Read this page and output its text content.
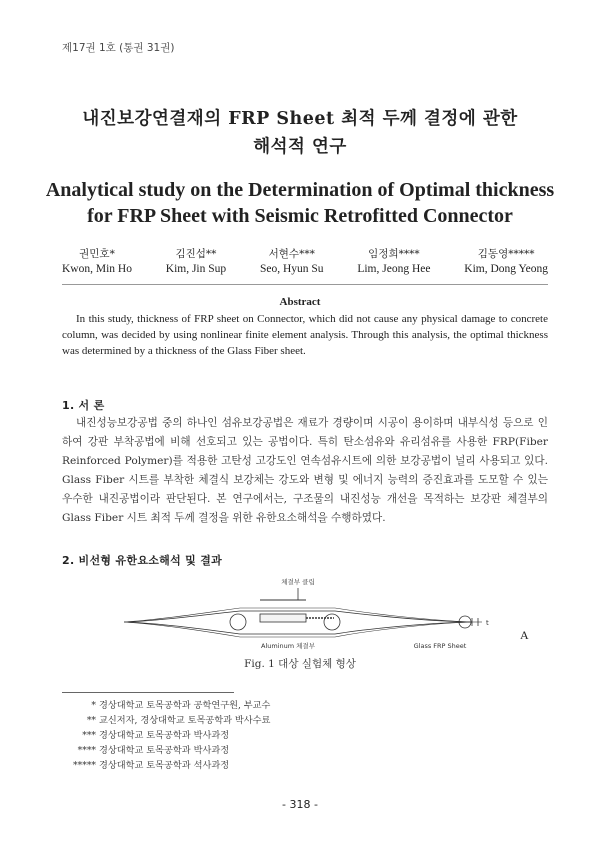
제17권 1호 (통권 31권)
내진보강연결재의 FRP Sheet 최적 두께 결정에 관한
해석적 연구
Analytical study on the Determination of Optimal thickness
for FRP Sheet with Seismic Retrofitted Connector
권민호*
Kwon, Min Ho
김진섭**
Kim, Jin Sup
서현수***
Seo, Hyun Su
임정희****
Lim, Jeong Hee
김동영*****
Kim, Dong Yeong
Abstract
In this study, thickness of FRP sheet on Connector, which did not cause any physical damage to concrete column, was decided by using nonlinear finite element analysis. Through this analysis, the optimal thickness was determined by a thickness of the Glass Fiber sheet.
1. 서 론
내진성능보강공법 중의 하나인 섬유보강공법은 재료가 경량이며 시공이 용이하며 내부식성 등으로 인하여 강판 부착공법에 비해 선호되고 있는 공법이다. 특히 탄소섬유와 유리섬유를 사용한 FRP(Fiber Reinforced Polymer)를 적용한 고탄성 고강도인 연속섬유시트에 의한 보강공법이 널리 사용되고 있다. Glass Fiber 시트를 부착한 체결식 보강체는 강도와 변형 및 에너지 능력의 증진효과를 도모할 수 있는 우수한 내진공법이라 판단된다. 본 연구에서는, 구조물의 내진성능 개선을 목적하는 보강판 체결부의 Glass Fiber 시트 최적 두께 결정을 위한 유한요소해석을 수행하였다.
2. 비선형 유한요소해석 및 결과
t
체결부 클립
Aluminum 체결부	Glass FRP Sheet
A
Fig. 1 대상 실험체 형상
* 경상대학교 토목공학과 공학연구원, 부교수
** 교신저자, 경상대학교 토목공학과 박사수료
*** 경상대학교 토목공학과 박사과정
**** 경상대학교 토목공학과 박사과정
***** 경상대학교 토목공학과 석사과정
- 318 -
